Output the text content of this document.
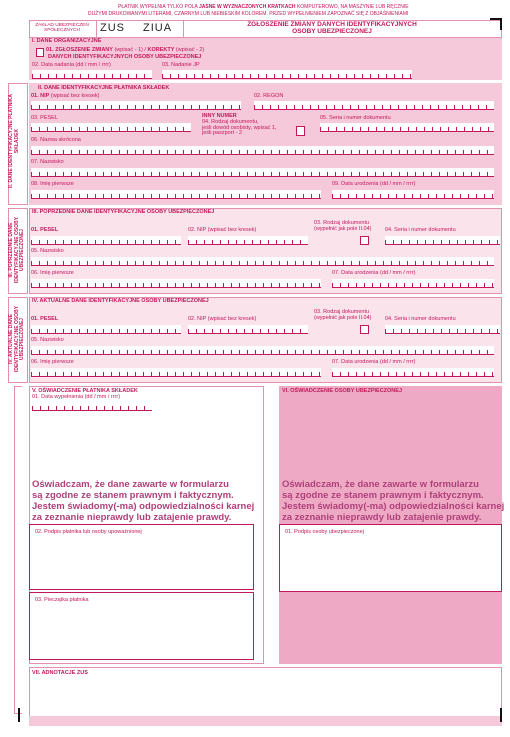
PŁATNIK WYPEŁNIA TYLKO POLA JASNE W WYZNACZONYCH KRATKACH KOMPUTEROWO, NA MASZYNIE LUB RĘCZNIE
DUŻYMI DRUKOWANYMI LITERAMI, CZARNYM LUB NIEBIESKIM KOLOREM. PRZED WYPEŁNIENIEM ZAPOZNAĆ SIĘ Z OBJAŚNIENIAMI
ZAKŁAD UBEZPIECZEŃ
SPOŁECZNYCH	ZUS ZIUA	ZGŁOSZENIE ZMIANY DANYCH IDENTYFIKACYJNYCH
OSOBY UBEZPIECZONEJ
I. DANE ORGANIZACYJNE
01. ZGŁOSZENIE ZMIANY (wpisać - 1) / KOREKTY (wpisać - 2)
DANYCH IDENTYFIKACYJNYCH OSOBY UBEZPIECZONEJ
02. Data nadania (dd / mm / rrrr)	03. Nadanie JP
II. DANE IDENTYFIKACYJNE PŁATNIKA SKŁADEK
II. DANE IDENTYFIKACYJNE PŁATNIKA SKŁADEK
01. NIP (wpisać bez kresek)	02. REGON
03. PESEL	INNY NUMER
04. Rodzaj dokumentu,
jeśli dowód osobisty, wpisać 1,
jeśli paszport - 2
05. Seria i numer dokumentu
06. Nazwa skrócona
07. Nazwisko
08. Imię pierwsze	09. Data urodzenia (dd / mm / rrrr)
III. POPRZEDNIE DANE IDENTYFIKACYJNE OSOBY UBEZPIECZONEJ
III. POPRZEDNIE DANE IDENTYFIKACYJNE OSOBY UBEZPIECZONEJ
01. PESEL	02. NIP (wpisać bez kresek)
03. Rodzaj dokumentu
(wypełnić jak pole II.04) 04. Seria i numer dokumentu
05. Nazwisko
06. Imię pierwsze	07. Data urodzenia (dd / mm / rrrr)
IV. AKTUALNE DANE IDENTYFIKACYJNE OSOBY UBEZPIECZONEJ
IV. AKTUALNE DANE IDENTYFIKACYJNE OSOBY UBEZPIECZONEJ
01. PESEL	02. NIP (wpisać bez kresek)
03. Rodzaj dokumentu
(wypełnić jak pole II.04) 04. Seria i numer dokumentu
05. Nazwisko
06. Imię pierwsze	07. Data urodzenia (dd / mm / rrrr)
V. OŚWIADCZENIE PŁATNIKA SKŁADEK
01. Data wypełnienia (dd / mm / rrrr)
Oświadczam, że dane zawarte w formularzu
są zgodne ze stanem prawnym i faktycznym.
Jestem świadomy(-ma) odpowiedzialności karnej
za zeznanie nieprawdy lub zatajenie prawdy.
02. Podpis płatnika lub osoby upoważnionej
03. Pieczątka płatnika
VI. OŚWIADCZENIE OSOBY UBEZPIECZONEJ
Oświadczam, że dane zawarte w formularzu
są zgodne ze stanem prawnym i faktycznym.
Jestem świadomy(-ma) odpowiedzialności karnej
za zeznanie nieprawdy lub zatajenie prawdy.
01. Podpis osoby ubezpieczonej
VII. ADNOTACJE ZUS
